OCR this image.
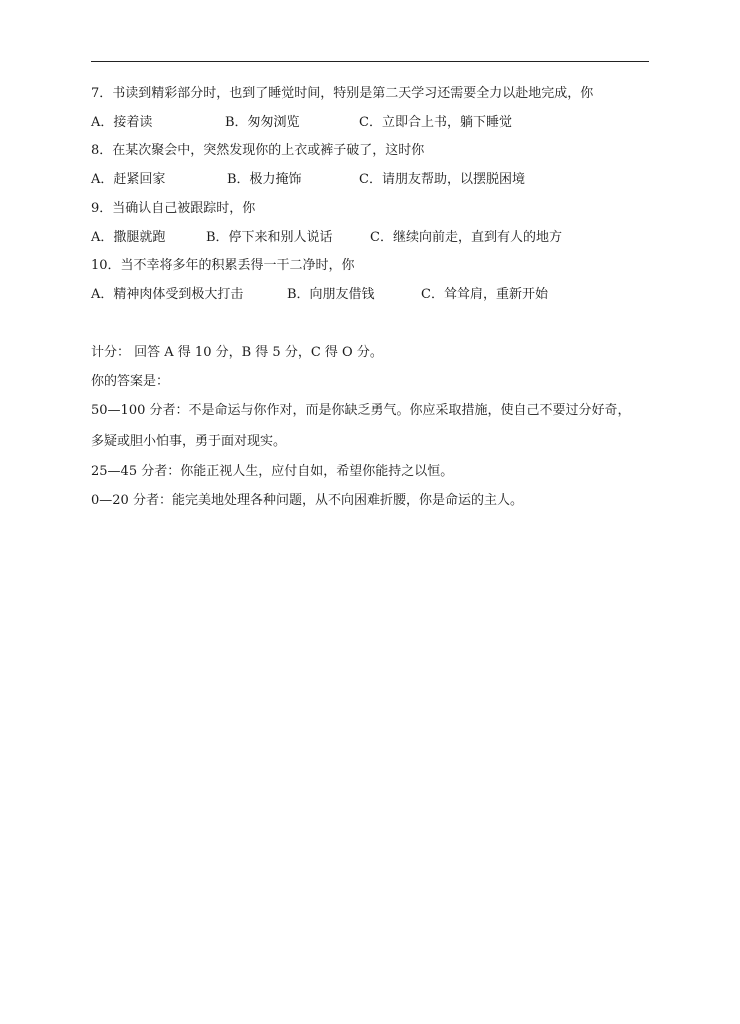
7．书读到精彩部分时，也到了睡觉时间，特别是第二天学习还需要全力以赴地完成，你
A．接着读	B．匆匆浏览	C．立即合上书，躺下睡觉
8．在某次聚会中，突然发现你的上衣或裤子破了，这时你
A．赶紧回家	B．极力掩饰	C．请朋友帮助，以摆脱困境
9．当确认自己被跟踪时，你
A．撒腿就跑	B．停下来和别人说话	C．继续向前走，直到有人的地方
10．当不幸将多年的积累丢得一干二净时，你
A．精神肉体受到极大打击	B．向朋友借钱	C．耸耸肩，重新开始
计分： 回答 A 得 10 分，B 得 5 分，C 得 O 分。
你的答案是：
50—100 分者：不是命运与你作对，而是你缺乏勇气。你应采取措施，使自己不要过分好奇，
多疑或胆小怕事，勇于面对现实。
25—45 分者：你能正视人生，应付自如，希望你能持之以恒。
0—20 分者：能完美地处理各种问题，从不向困难折腰，你是命运的主人。
